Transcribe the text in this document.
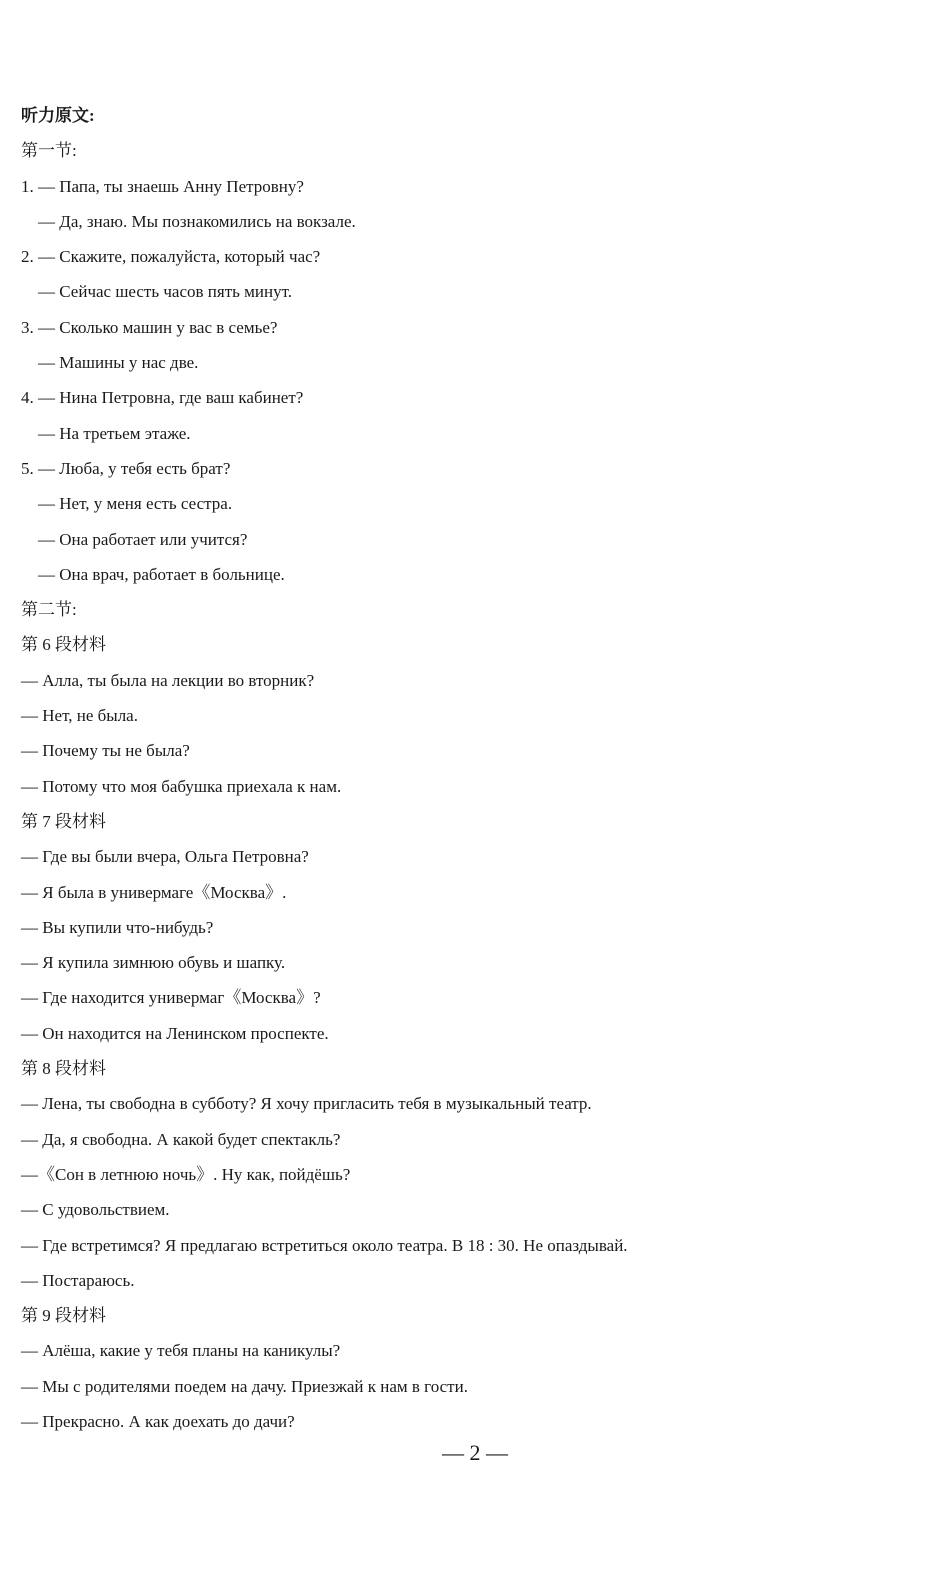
听力原文:
第一节:
1. — Папа, ты знаешь Анну Петровну?
— Да, знаю. Мы познакомились на вокзале.
2. — Скажите, пожалуйста, который час?
— Сейчас шесть часов пять минут.
3. — Сколько машин у вас в семье?
— Машины у нас две.
4. — Нина Петровна, где ваш кабинет?
— На третьем этаже.
5. — Люба, у тебя есть брат?
— Нет, у меня есть сестра.
— Она работает или учится?
— Она врач, работает в больнице.
第二节:
第 6 段材料
— Алла, ты была на лекции во вторник?
— Нет, не была.
— Почему ты не была?
— Потому что моя бабушка приехала к нам.
第 7 段材料
— Где вы были вчера, Ольга Петровна?
— Я была в универмаге《Москва》.
— Вы купили что-нибудь?
— Я купила зимнюю обувь и шапку.
— Где находится универмаг《Москва》?
— Он находится на Ленинском проспекте.
第 8 段材料
— Лена, ты свободна в субботу? Я хочу пригласить тебя в музыкальный театр.
— Да, я свободна. А какой будет спектакль?
—《Сон в летнюю ночь》. Ну как, пойдёшь?
— С удовольствием.
— Где встретимся? Я предлагаю встретиться около театра. В 18 : 30. Не опаздывай.
— Постараюсь.
第 9 段材料
— Алёша, какие у тебя планы на каникулы?
— Мы с родителями поедем на дачу. Приезжай к нам в гости.
— Прекрасно. А как доехать до дачи?
— 2 —
